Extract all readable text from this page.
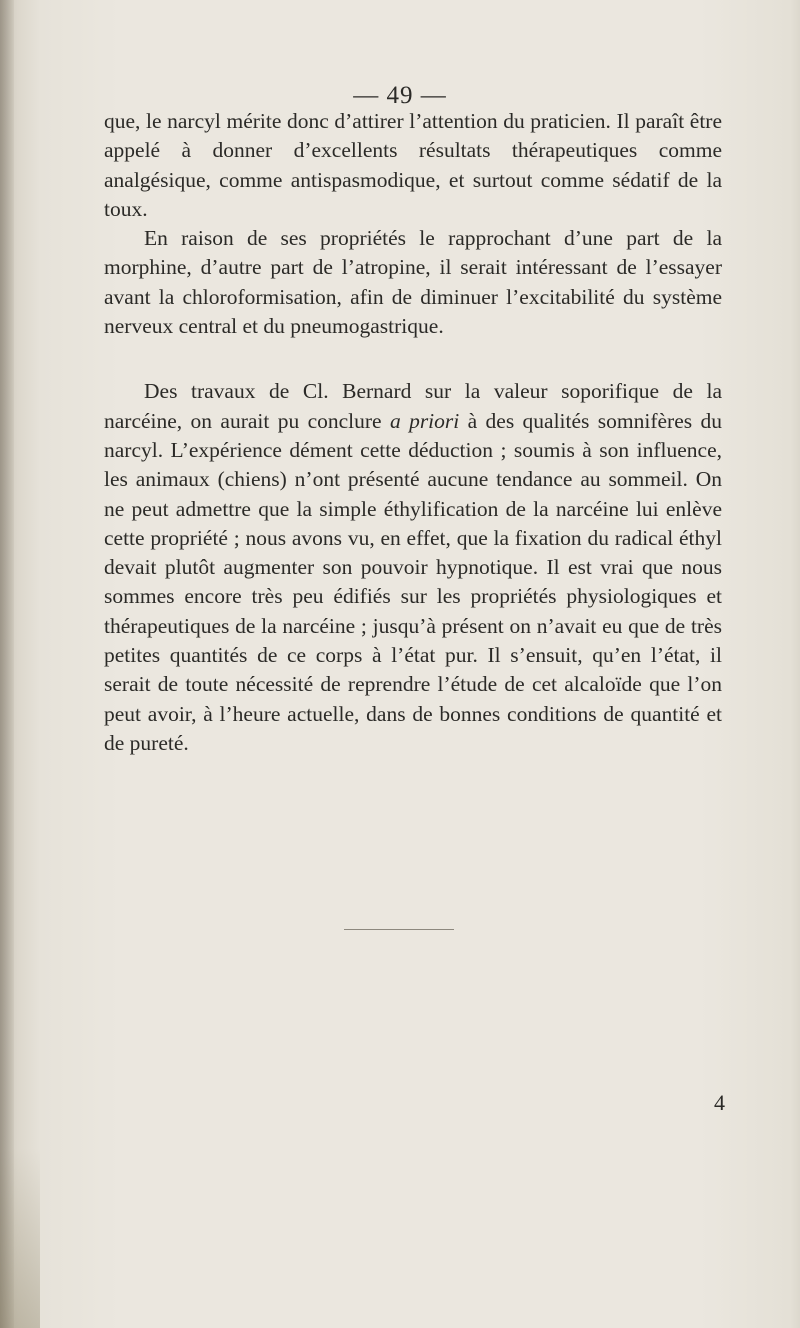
— 49 —

que, le narcyl mérite donc d’attirer l’attention du praticien. Il paraît être appelé à donner d’excellents résultats thérapeutiques comme analgésique, comme antispasmodique, et surtout comme sédatif de la toux.

En raison de ses propriétés le rapprochant d’une part de la morphine, d’autre part de l’atropine, il serait intéressant de l’essayer avant la chloroformisation, afin de diminuer l’excitabilité du système nerveux central et du pneumogastrique.

Des travaux de Cl. Bernard sur la valeur soporifique de la narcéine, on aurait pu conclure a priori à des qualités somnifères du narcyl. L’expérience dément cette déduction ; soumis à son influence, les animaux (chiens) n’ont présenté aucune tendance au sommeil. On ne peut admettre que la simple éthylification de la narcéine lui enlève cette propriété ; nous avons vu, en effet, que la fixation du radical éthyl devait plutôt augmenter son pouvoir hypnotique. Il est vrai que nous sommes encore très peu édifiés sur les propriétés physiologiques et thérapeutiques de la narcéine ; jusqu’à présent on n’avait eu que de très petites quantités de ce corps à l’état pur. Il s’ensuit, qu’en l’état, il serait de toute nécessité de reprendre l’étude de cet alcaloïde que l’on peut avoir, à l’heure actuelle, dans de bonnes conditions de quantité et de pureté.

4
